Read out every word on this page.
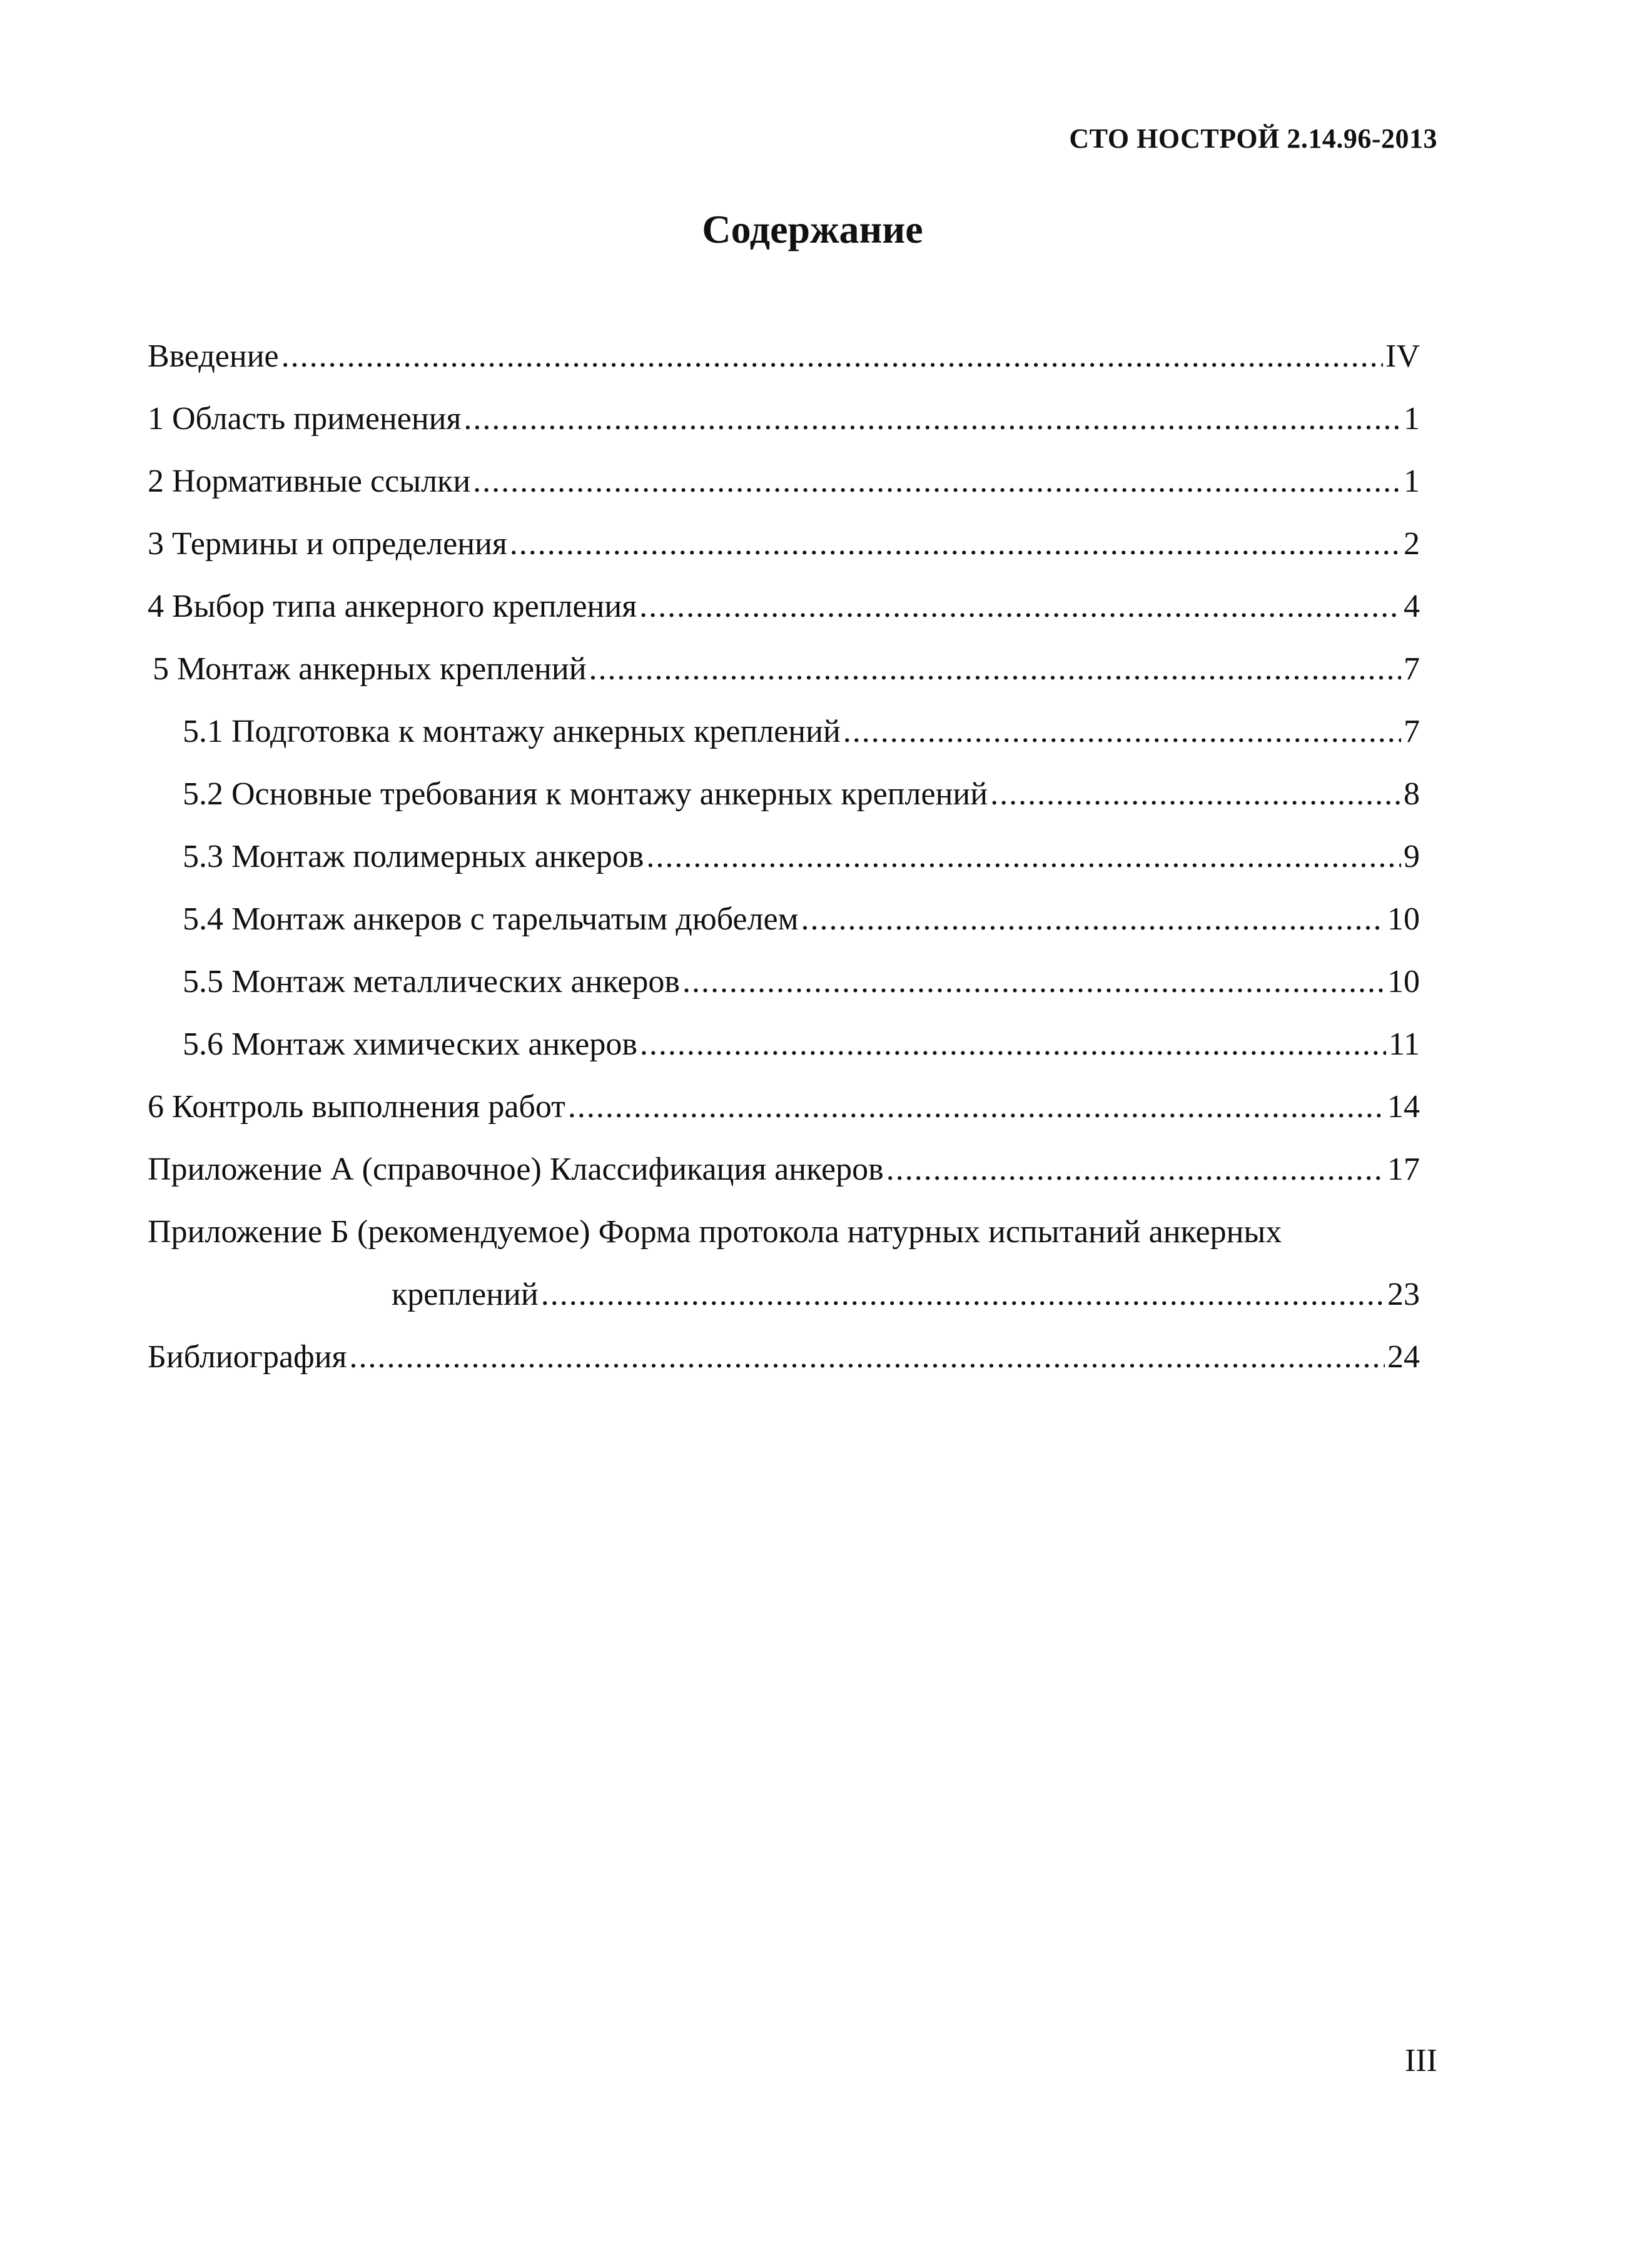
СТО НОСТРОЙ 2.14.96-2013
Содержание
Введение .....	IV
1 Область применения .....	1
2 Нормативные ссылки .....	1
3 Термины и определения .....	2
4 Выбор типа анкерного крепления .....	4
5 Монтаж анкерных креплений .....	7
5.1 Подготовка к монтажу анкерных креплений .....	7
5.2 Основные требования к монтажу анкерных креплений .....	8
5.3 Монтаж полимерных анкеров .....	9
5.4 Монтаж анкеров с тарельчатым дюбелем .....	10
5.5 Монтаж металлических анкеров .....	10
5.6 Монтаж химических анкеров .....	11
6 Контроль выполнения работ .....	14
Приложение А (справочное) Классификация анкеров .....	17
Приложение Б (рекомендуемое) Форма протокола натурных испытаний анкерных
креплений .....	23
Библиография .....	24
III
